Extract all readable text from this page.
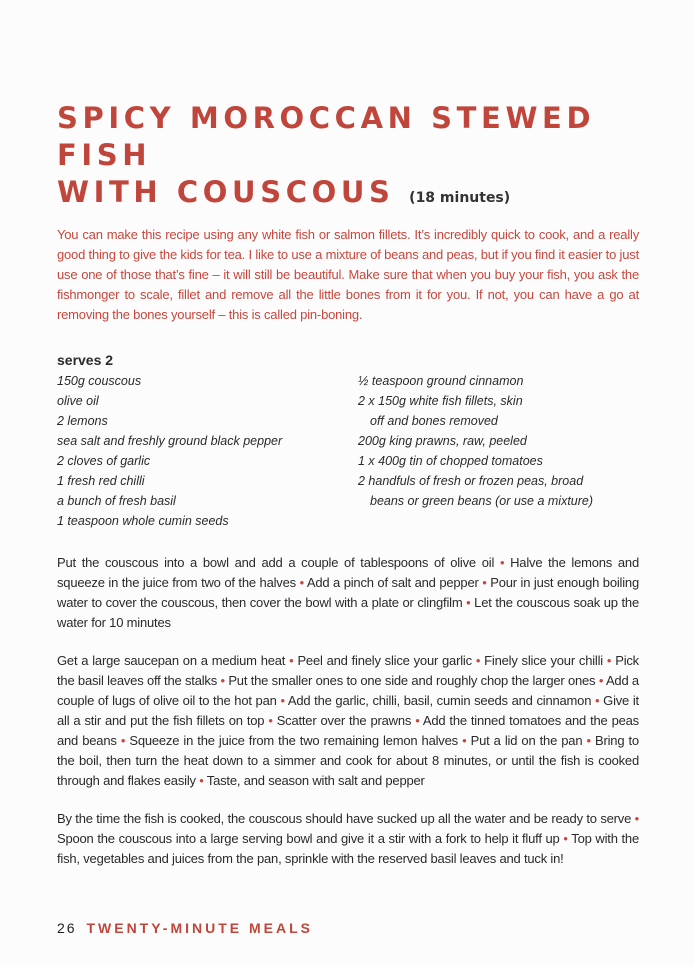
SPICY MOROCCAN STEWED FISH
WITH COUSCOUS (18 minutes)
You can make this recipe using any white fish or salmon fillets. It’s incredibly quick to cook, and a really good thing to give the kids for tea. I like to use a mixture of beans and peas, but if you find it easier to just use one of those that’s fine – it will still be beautiful. Make sure that when you buy your fish, you ask the fishmonger to scale, fillet and remove all the little bones from it for you. If not, you can have a go at removing the bones yourself – this is called pin-boning.
serves 2
150g couscous
olive oil
2 lemons
sea salt and freshly ground black pepper
2 cloves of garlic
1 fresh red chilli
a bunch of fresh basil
1 teaspoon whole cumin seeds
½ teaspoon ground cinnamon
2 x 150g white fish fillets, skin
off and bones removed
200g king prawns, raw, peeled
1 x 400g tin of chopped tomatoes
2 handfuls of fresh or frozen peas, broad
beans or green beans (or use a mixture)
Put the couscous into a bowl and add a couple of tablespoons of olive oil • Halve the lemons and squeeze in the juice from two of the halves • Add a pinch of salt and pepper • Pour in just enough boiling water to cover the couscous, then cover the bowl with a plate or clingfilm • Let the couscous soak up the water for 10 minutes
Get a large saucepan on a medium heat • Peel and finely slice your garlic • Finely slice your chilli • Pick the basil leaves off the stalks • Put the smaller ones to one side and roughly chop the larger ones • Add a couple of lugs of olive oil to the hot pan • Add the garlic, chilli, basil, cumin seeds and cinnamon • Give it all a stir and put the fish fillets on top • Scatter over the prawns • Add the tinned tomatoes and the peas and beans • Squeeze in the juice from the two remaining lemon halves • Put a lid on the pan • Bring to the boil, then turn the heat down to a simmer and cook for about 8 minutes, or until the fish is cooked through and flakes easily • Taste, and season with salt and pepper
By the time the fish is cooked, the couscous should have sucked up all the water and be ready to serve • Spoon the couscous into a large serving bowl and give it a stir with a fork to help it fluff up • Top with the fish, vegetables and juices from the pan, sprinkle with the reserved basil leaves and tuck in!
26 TWENTY-MINUTE MEALS
